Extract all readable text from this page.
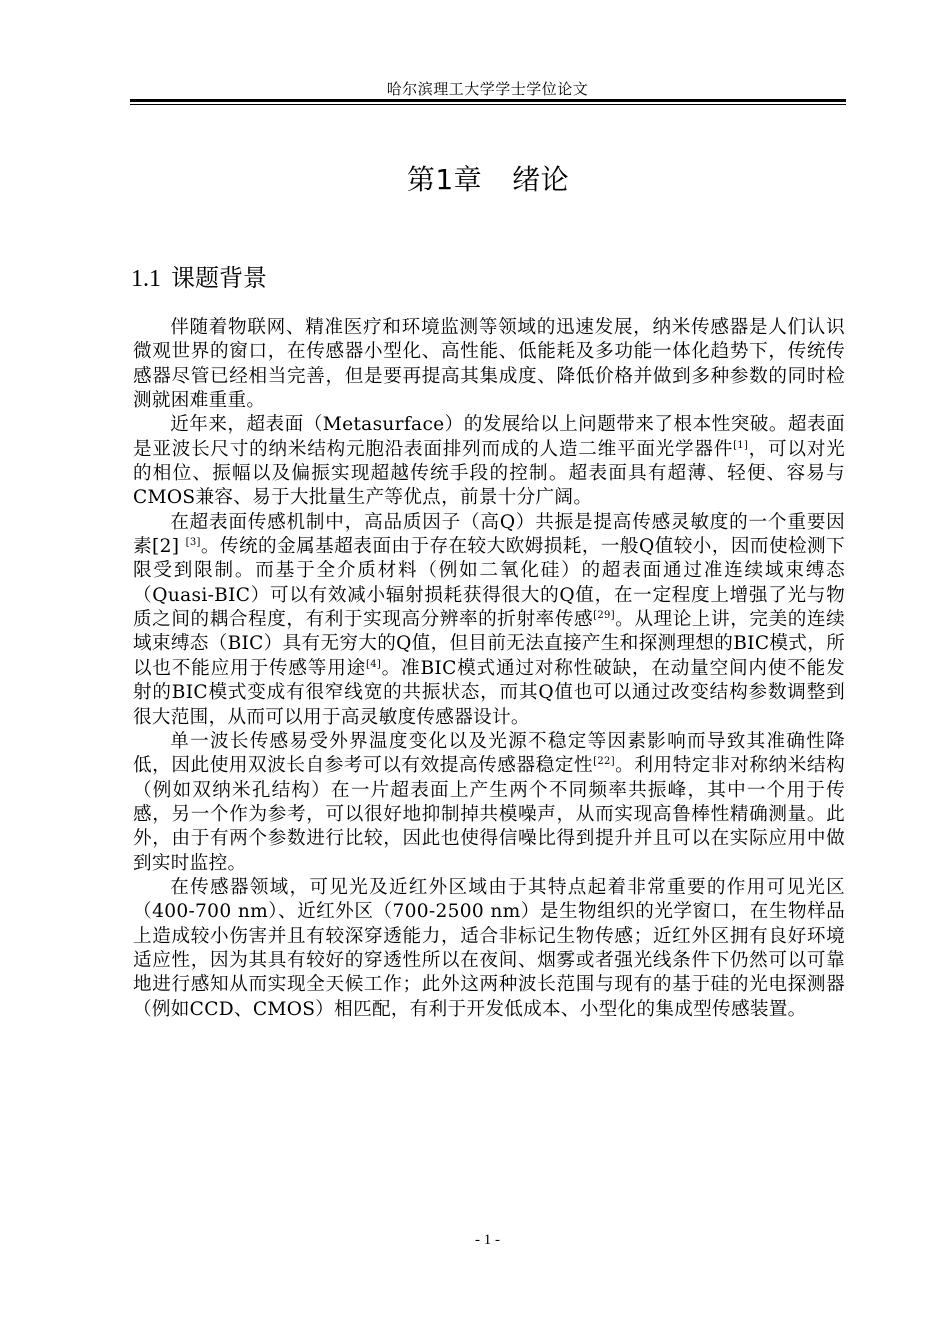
哈尔滨理工大学学士学位论文
第1章 绪论
1.1 课题背景

伴随着物联网、精准医疗和环境监测等领域的迅速发展，纳米传感器是人们认识微观世界的窗口，在传感器小型化、高性能、低能耗及多功能一体化趋势下，传统传感器尽管已经相当完善，但是要再提高其集成度、降低价格并做到多种参数的同时检测就困难重重。

近年来，超表面（Metasurface）的发展给以上问题带来了根本性突破。超表面是亚波长尺寸的纳米结构元胞沿表面排列而成的人造二维平面光学器件[1]，可以对光的相位、振幅以及偏振实现超越传统手段的控制。超表面具有超薄、轻便、容易与CMOS兼容、易于大批量生产等优点，前景十分广阔。

在超表面传感机制中，高品质因子（高Q）共振是提高传感灵敏度的一个重要因素[2] [3]。传统的金属基超表面由于存在较大欧姆损耗，一般Q值较小，因而使检测下限受到限制。而基于全介质材料（例如二氧化硅）的超表面通过准连续域束缚态（Quasi-BIC）可以有效减小辐射损耗获得很大的Q值，在一定程度上增强了光与物质之间的耦合程度，有利于实现高分辨率的折射率传感[29]。从理论上讲，完美的连续域束缚态（BIC）具有无穷大的Q值，但目前无法直接产生和探测理想的BIC模式，所以也不能应用于传感等用途[4]。准BIC模式通过对称性破缺，在动量空间内使不能发射的BIC模式变成有很窄线宽的共振状态，而其Q值也可以通过改变结构参数调整到很大范围，从而可以用于高灵敏度传感器设计。

单一波长传感易受外界温度变化以及光源不稳定等因素影响而导致其准确性降低，因此使用双波长自参考可以有效提高传感器稳定性[22]。利用特定非对称纳米结构（例如双纳米孔结构）在一片超表面上产生两个不同频率共振峰，其中一个用于传感，另一个作为参考，可以很好地抑制掉共模噪声，从而实现高鲁棒性精确测量。此外，由于有两个参数进行比较，因此也使得信噪比得到提升并且可以在实际应用中做到实时监控。

在传感器领域，可见光及近红外区域由于其特点起着非常重要的作用可见光区（400-700 nm）、近红外区（700-2500 nm）是生物组织的光学窗口，在生物样品上造成较小伤害并且有较深穿透能力，适合非标记生物传感；近红外区拥有良好环境适应性，因为其具有较好的穿透性所以在夜间、烟雾或者强光线条件下仍然可以可靠地进行感知从而实现全天候工作；此外这两种波长范围与现有的基于硅的光电探测器（例如CCD、CMOS）相匹配，有利于开发低成本、小型化的集成型传感装置。

- 1 -
